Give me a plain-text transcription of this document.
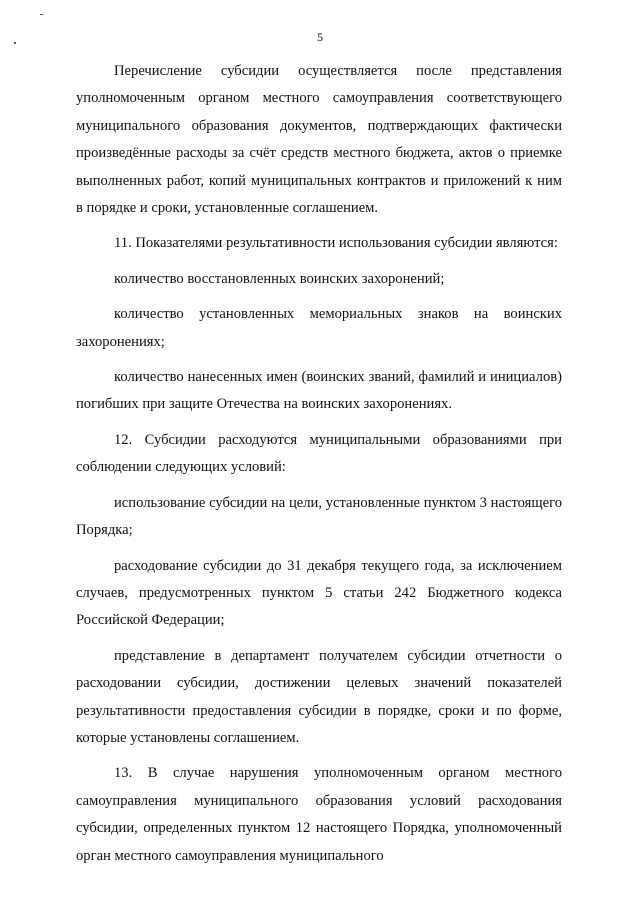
5

Перечисление субсидии осуществляется после представления уполномоченным органом местного самоуправления соответствующего муниципального образования документов, подтверждающих фактически произведённые расходы за счёт средств местного бюджета, актов о приемке выполненных работ, копий муниципальных контрактов и приложений к ним в порядке и сроки, установленные соглашением.

11. Показателями результативности использования субсидии являются:

количество восстановленных воинских захоронений;

количество установленных мемориальных знаков на воинских захоронениях;

количество нанесенных имен (воинских званий, фамилий и инициалов) погибших при защите Отечества на воинских захоронениях.

12. Субсидии расходуются муниципальными образованиями при соблюдении следующих условий:

использование субсидии на цели, установленные пунктом 3 настоящего Порядка;

расходование субсидии до 31 декабря текущего года, за исключением случаев, предусмотренных пунктом 5 статьи 242 Бюджетного кодекса Российской Федерации;

представление в департамент получателем субсидии отчетности о расходовании субсидии, достижении целевых значений показателей результативности предоставления субсидии в порядке, сроки и по форме, которые установлены соглашением.

13. В случае нарушения уполномоченным органом местного самоуправления муниципального образования условий расходования субсидии, определенных пунктом 12 настоящего Порядка, уполномоченный орган местного самоуправления муниципального
